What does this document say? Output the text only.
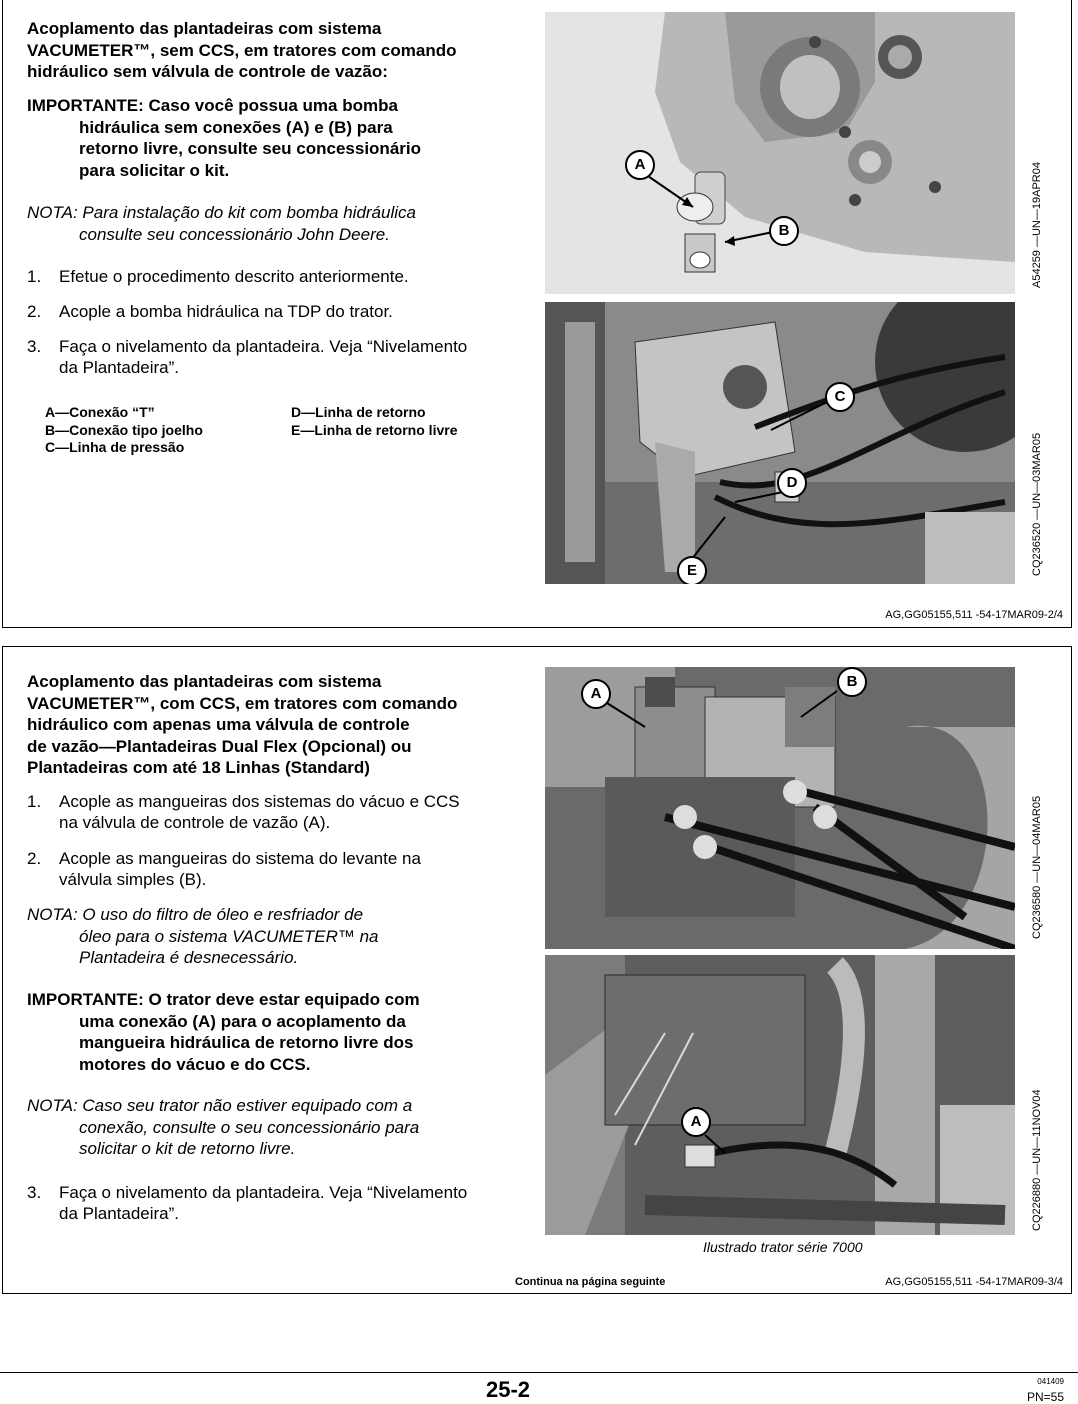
Acoplamento das plantadeiras com sistema
VACUMETER™, sem CCS, em tratores com comando
hidráulico sem válvula de controle de vazão:
IMPORTANTE: Caso você possua uma bomba
hidráulica sem conexões (A) e (B) para
retorno livre, consulte seu concessionário
para solicitar o kit.
NOTA: Para instalação do kit com bomba hidráulica
consulte seu concessionário John Deere.
1. Efetue o procedimento descrito anteriormente.
2. Acople a bomba hidráulica na TDP do trator.
3. Faça o nivelamento da plantadeira. Veja “Nivelamento
da Plantadeira”.
A—Conexão “T”
B—Conexão tipo joelho
C—Linha de pressão
D—Linha de retorno
E—Linha de retorno livre
A
B	A54259 —UN—19APR04
C
D
E	CQ236520 —UN—03MAR05
AG,GG05155,511 -54-17MAR09-2/4
Acoplamento das plantadeiras com sistema
VACUMETER™, com CCS, em tratores com comando
hidráulico com apenas uma válvula de controle
de vazão—Plantadeiras Dual Flex (Opcional) ou
Plantadeiras com até 18 Linhas (Standard)
1. Acople as mangueiras dos sistemas do vácuo e CCS
na válvula de controle de vazão (A).
2. Acople as mangueiras do sistema do levante na
válvula simples (B).
NOTA: O uso do filtro de óleo e resfriador de
óleo para o sistema VACUMETER™ na
Plantadeira é desnecessário.
IMPORTANTE: O trator deve estar equipado com
uma conexão (A) para o acoplamento da
mangueira hidráulica de retorno livre dos
motores do vácuo e do CCS.
NOTA: Caso seu trator não estiver equipado com a
conexão, consulte o seu concessionário para
solicitar o kit de retorno livre.
3. Faça o nivelamento da plantadeira. Veja “Nivelamento
da Plantadeira”.
A
B
CQ236580 —UN—04MAR05
A	CQ226880 —UN—11NOV04
Ilustrado trator série 7000
Continua na página seguinte	AG,GG05155,511 -54-17MAR09-3/4
25-2	041409
PN=55
